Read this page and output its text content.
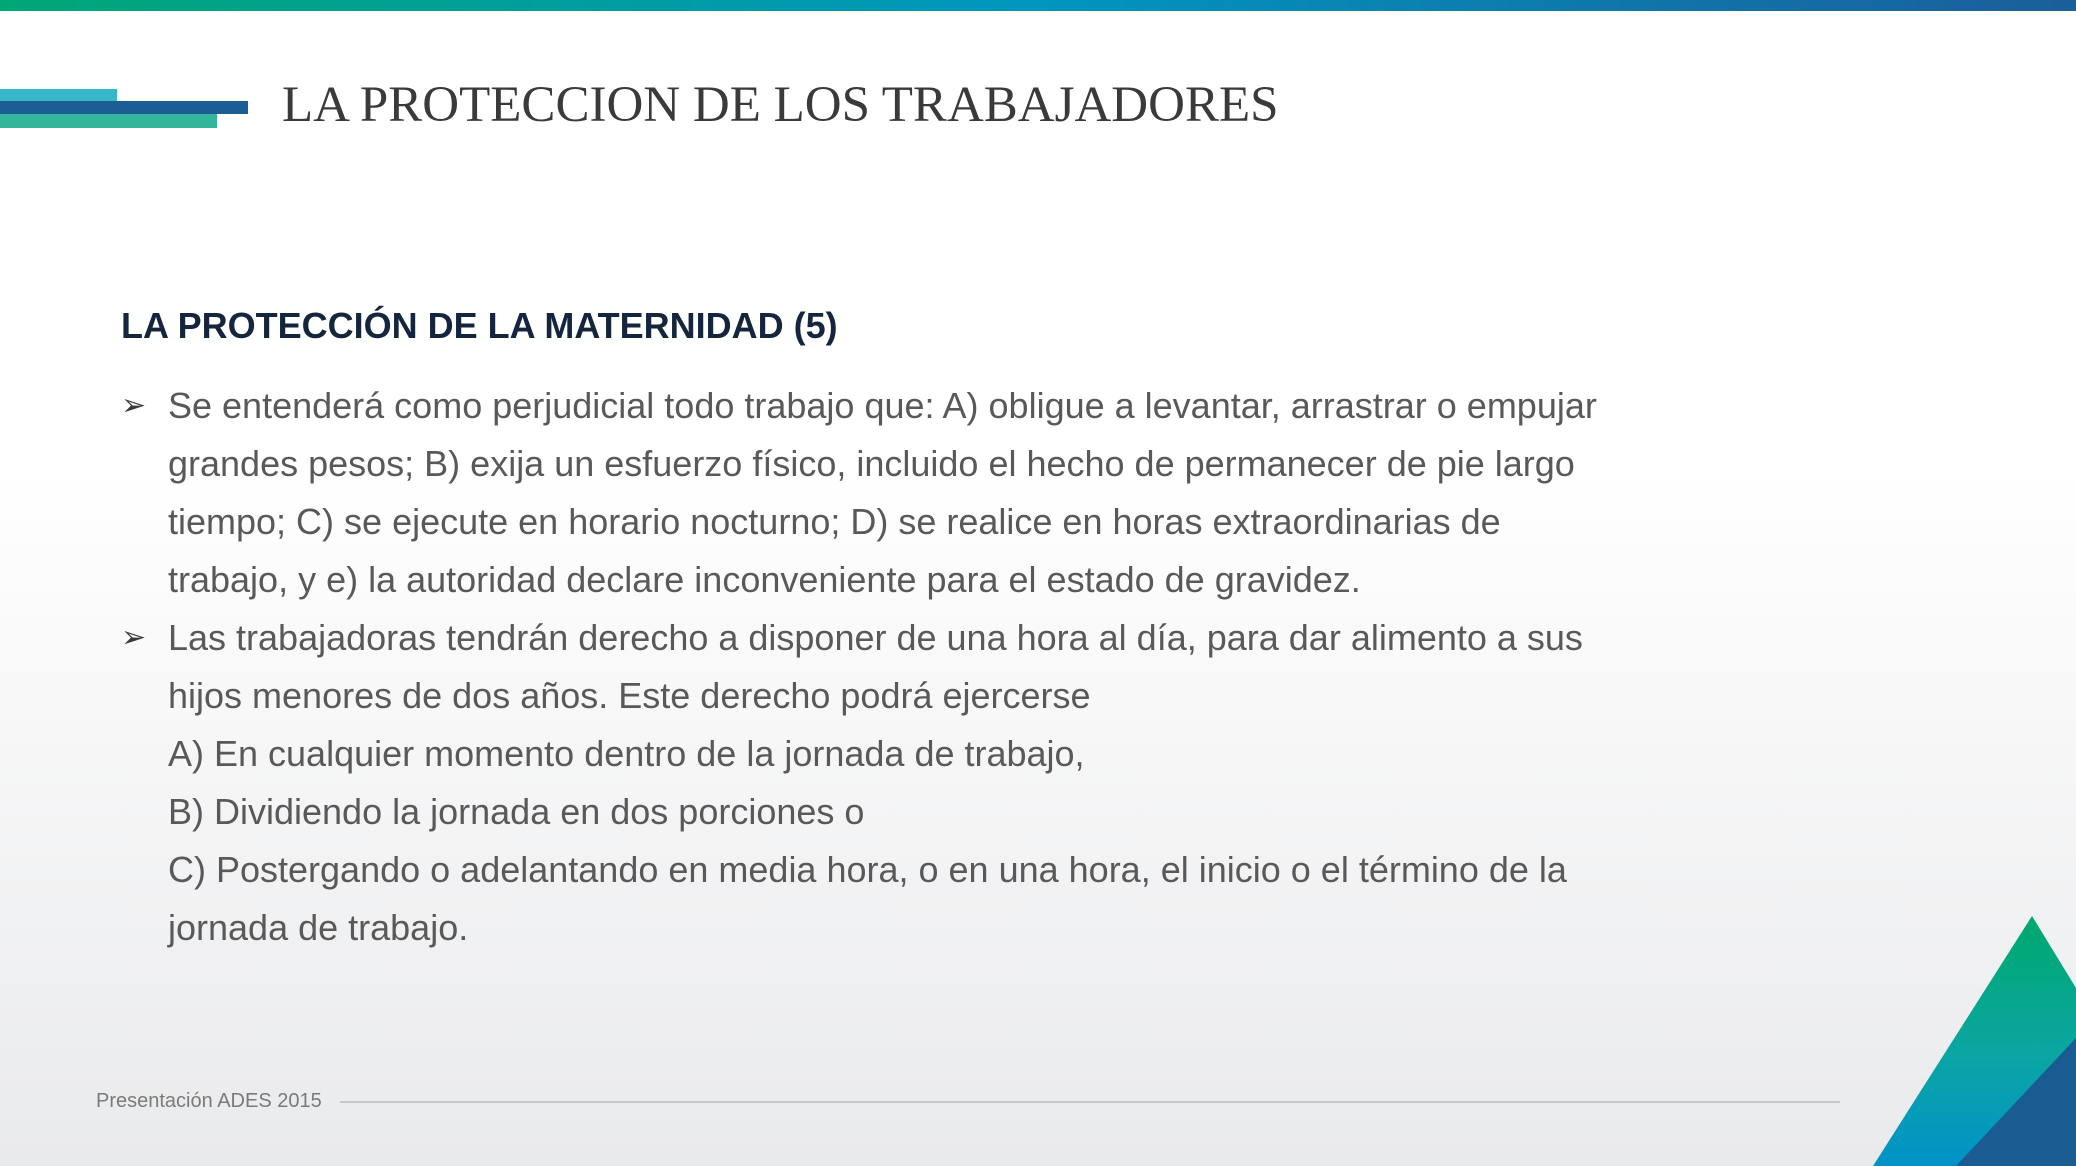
LA PROTECCION DE LOS TRABAJADORES
LA PROTECCIÓN DE LA MATERNIDAD (5)
➢ Se entenderá como perjudicial todo trabajo que: A) obligue a levantar, arrastrar o empujar
grandes pesos; B) exija un esfuerzo físico, incluido el hecho de permanecer de pie largo
tiempo; C) se ejecute en horario nocturno; D) se realice en horas extraordinarias de
trabajo, y e) la autoridad declare inconveniente para el estado de gravidez.
➢ Las trabajadoras tendrán derecho a disponer de una hora al día, para dar alimento a sus
hijos menores de dos años. Este derecho podrá ejercerse
A) En cualquier momento dentro de la jornada de trabajo,
B) Dividiendo la jornada en dos porciones o
C) Postergando o adelantando en media hora, o en una hora, el inicio o el término de la
jornada de trabajo.
Presentación ADES 2015
